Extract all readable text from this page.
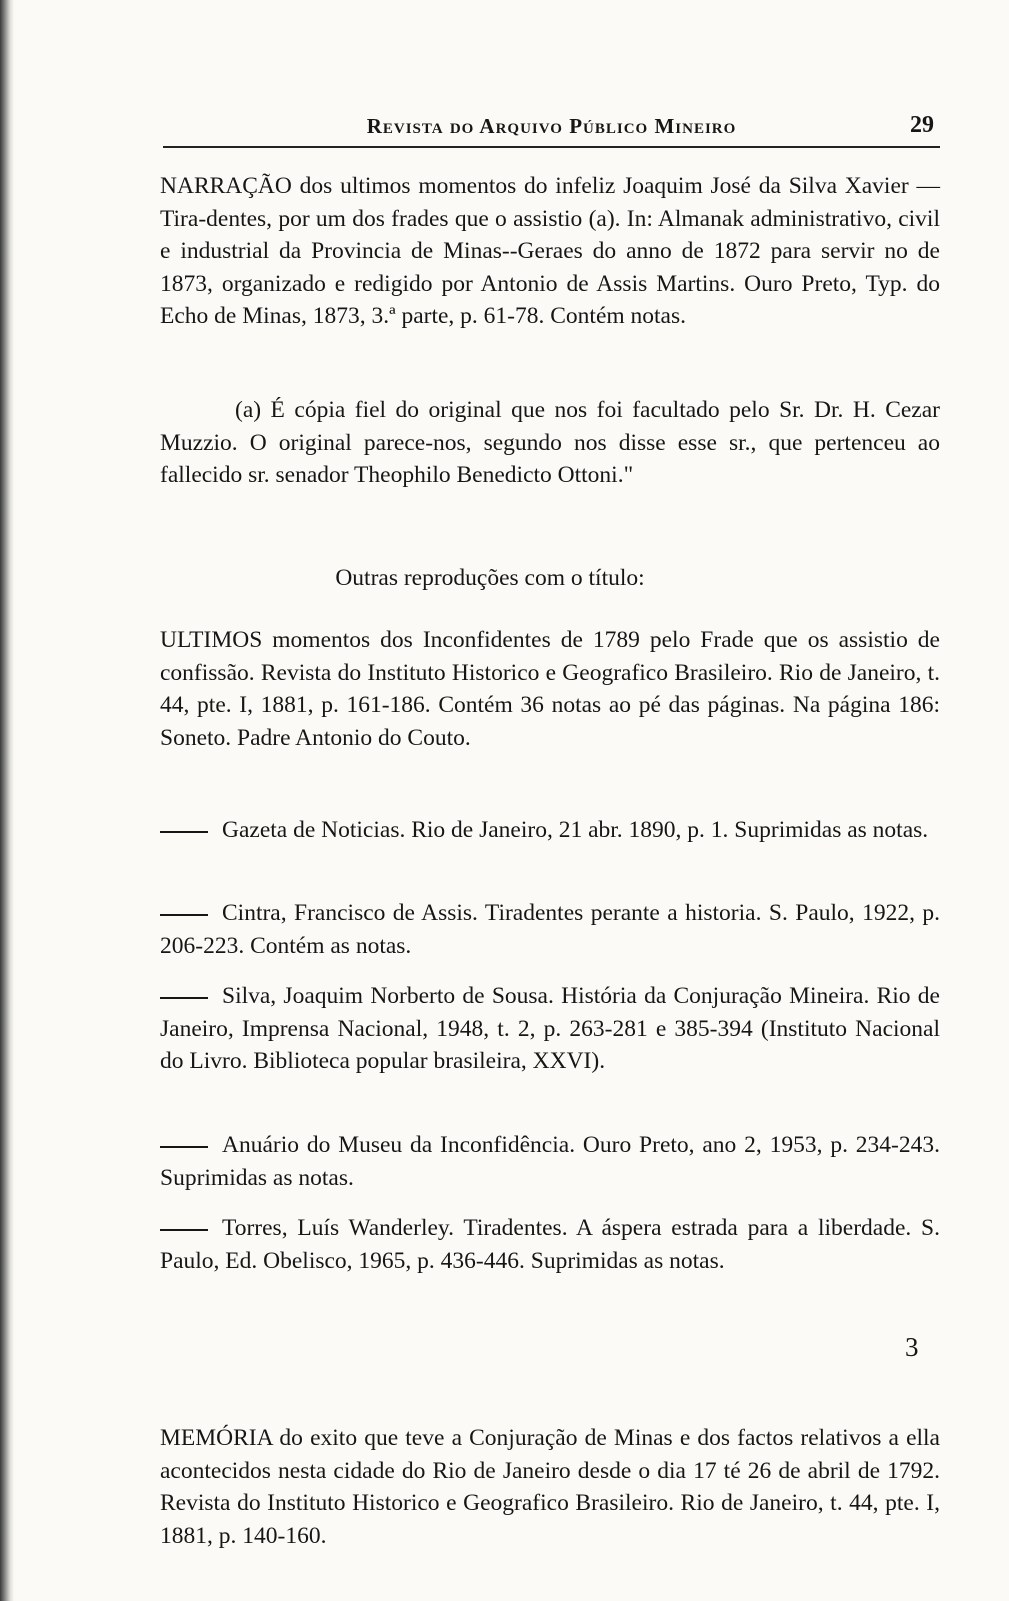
Revista do Arquivo Público Mineiro	29

NARRAÇÃO dos ultimos momentos do infeliz Joaquim José da Silva Xavier — Tira-dentes, por um dos frades que o assistio (a). In: Almanak administrativo, civil e industrial da Provincia de Minas--Geraes do anno de 1872 para servir no de 1873, organizado e redigido por Antonio de Assis Martins. Ouro Preto, Typ. do Echo de Minas, 1873, 3.ª parte, p. 61-78. Contém notas.

(a) É cópia fiel do original que nos foi facultado pelo Sr. Dr. H. Cezar Muzzio. O original parece-nos, segundo nos disse esse sr., que pertenceu ao fallecido sr. senador Theophilo Benedicto Ottoni."

Outras reproduções com o título:

ULTIMOS momentos dos Inconfidentes de 1789 pelo Frade que os assistio de confissão. Revista do Instituto Historico e Geografico Brasileiro. Rio de Janeiro, t. 44, pte. I, 1881, p. 161-186. Contém 36 notas ao pé das páginas. Na página 186: Soneto. Padre Antonio do Couto.

Gazeta de Noticias. Rio de Janeiro, 21 abr. 1890, p. 1. Suprimidas as notas.

Cintra, Francisco de Assis. Tiradentes perante a historia. S. Paulo, 1922, p. 206-223. Contém as notas.

Silva, Joaquim Norberto de Sousa. História da Conjuração Mineira. Rio de Janeiro, Imprensa Nacional, 1948, t. 2, p. 263-281 e 385-394 (Instituto Nacional do Livro. Biblioteca popular brasileira, XXVI).

Anuário do Museu da Inconfidência. Ouro Preto, ano 2, 1953, p. 234-243. Suprimidas as notas.

Torres, Luís Wanderley. Tiradentes. A áspera estrada para a liberdade. S. Paulo, Ed. Obelisco, 1965, p. 436-446. Suprimidas as notas.

3

MEMÓRIA do exito que teve a Conjuração de Minas e dos factos relativos a ella acontecidos nesta cidade do Rio de Janeiro desde o dia 17 té 26 de abril de 1792. Revista do Instituto Historico e Geografico Brasileiro. Rio de Janeiro, t. 44, pte. I, 1881, p. 140-160.
